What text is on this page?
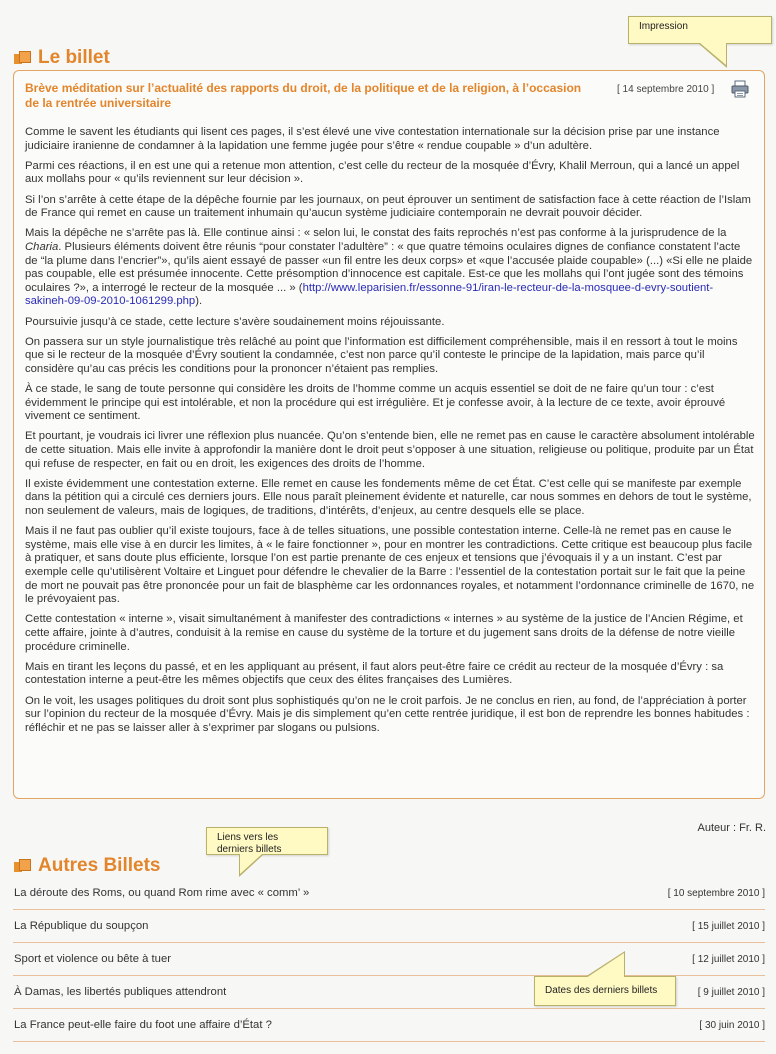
Impression
Le billet
Brève méditation sur l’actualité des rapports du droit, de la politique et de la religion, à l’occasion de la rentrée universitaire
[ 14 septembre 2010 ]

Comme le savent les étudiants qui lisent ces pages, il s’est élevé une vive contestation internationale sur la décision prise par une instance judiciaire iranienne de condamner à la lapidation une femme jugée pour s’être « rendue coupable » d’un adultère.

Parmi ces réactions, il en est une qui a retenue mon attention, c’est celle du recteur de la mosquée d’Évry, Khalil Merroun, qui a lancé un appel aux mollahs pour « qu’ils reviennent sur leur décision ».

Si l’on s’arrête à cette étape de la dépêche fournie par les journaux, on peut éprouver un sentiment de satisfaction face à cette réaction de l’Islam de France qui remet en cause un traitement inhumain qu’aucun système judiciaire contemporain ne devrait pouvoir décider.

Mais la dépêche ne s’arrête pas là. Elle continue ainsi : « selon lui, le constat des faits reprochés n’est pas conforme à la jurisprudence de la Charia. Plusieurs éléments doivent être réunis “pour constater l’adultère” : « que quatre témoins oculaires dignes de confiance constatent l’acte de “la plume dans l’encrier”», qu’ils aient essayé de passer «un fil entre les deux corps» et «que l’accusée plaide coupable» (...) «Si elle ne plaide pas coupable, elle est présumée innocente. Cette présomption d’innocence est capitale. Est-ce que les mollahs qui l’ont jugée sont des témoins oculaires ?», a interrogé le recteur de la mosquée ... » (http://www.leparisien.fr/essonne-91/iran-le-recteur-de-la-mosquee-d-evry-soutient-sakineh-09-09-2010-1061299.php).

Poursuivie jusqu’à ce stade, cette lecture s’avère soudainement moins réjouissante.

On passera sur un style journalistique très relâché au point que l’information est difficilement compréhensible, mais il en ressort à tout le moins que si le recteur de la mosquée d’Évry soutient la condamnée, c’est non parce qu’il conteste le principe de la lapidation, mais parce qu’il considère qu’au cas précis les conditions pour la prononcer n’étaient pas remplies.

À ce stade, le sang de toute personne qui considère les droits de l’homme comme un acquis essentiel se doit de ne faire qu’un tour : c’est évidemment le principe qui est intolérable, et non la procédure qui est irrégulière. Et je confesse avoir, à la lecture de ce texte, avoir éprouvé vivement ce sentiment.

Et pourtant, je voudrais ici livrer une réflexion plus nuancée. Qu’on s’entende bien, elle ne remet pas en cause le caractère absolument intolérable de cette situation. Mais elle invite à approfondir la manière dont le droit peut s’opposer à une situation, religieuse ou politique, produite par un État qui refuse de respecter, en fait ou en droit, les exigences des droits de l’homme.

Il existe évidemment une contestation externe. Elle remet en cause les fondements même de cet État. C’est celle qui se manifeste par exemple dans la pétition qui a circulé ces derniers jours. Elle nous paraît pleinement évidente et naturelle, car nous sommes en dehors de tout le système, non seulement de valeurs, mais de logiques, de traditions, d’intérêts, d’enjeux, au centre desquels elle se place.

Mais il ne faut pas oublier qu’il existe toujours, face à de telles situations, une possible contestation interne. Celle-là ne remet pas en cause le système, mais elle vise à en durcir les limites, à « le faire fonctionner », pour en montrer les contradictions. Cette critique est beaucoup plus facile à pratiquer, et sans doute plus efficiente, lorsque l’on est partie prenante de ces enjeux et tensions que j’évoquais il y a un instant. C’est par exemple celle qu’utilisèrent Voltaire et Linguet pour défendre le chevalier de la Barre : l’essentiel de la contestation portait sur le fait que la peine de mort ne pouvait pas être prononcée pour un fait de blasphème car les ordonnances royales, et notamment l’ordonnance criminelle de 1670, ne le prévoyaient pas.

Cette contestation « interne », visait simultanément à manifester des contradictions « internes » au système de la justice de l’Ancien Régime, et cette affaire, jointe à d’autres, conduisit à la remise en cause du système de la torture et du jugement sans droits de la défense de notre vieille procédure criminelle.

Mais en tirant les leçons du passé, et en les appliquant au présent, il faut alors peut-être faire ce crédit au recteur de la mosquée d’Évry : sa contestation interne a peut-être les mêmes objectifs que ceux des élites françaises des Lumières.

On le voit, les usages politiques du droit sont plus sophistiqués qu’on ne le croit parfois. Je ne conclus en rien, au fond, de l’appréciation à porter sur l’opinion du recteur de la mosquée d’Évry. Mais je dis simplement qu’en cette rentrée juridique, il est bon de reprendre les bonnes habitudes : réfléchir et ne pas se laisser aller à s’exprimer par slogans ou pulsions.

Auteur : Fr. R.
Liens vers les derniers billets
Autres Billets
La déroute des Roms, ou quand Rom rime avec « comm’ »	[ 10 septembre 2010 ]
La République du soupçon	[ 15 juillet 2010 ]
Sport et violence ou bête à tuer	[ 12 juillet 2010 ]
À Damas, les libertés publiques attendront	[ 9 juillet 2010 ]
La France peut-elle faire du foot une affaire d’État ?	[ 30 juin 2010 ]
Dates des derniers billets
